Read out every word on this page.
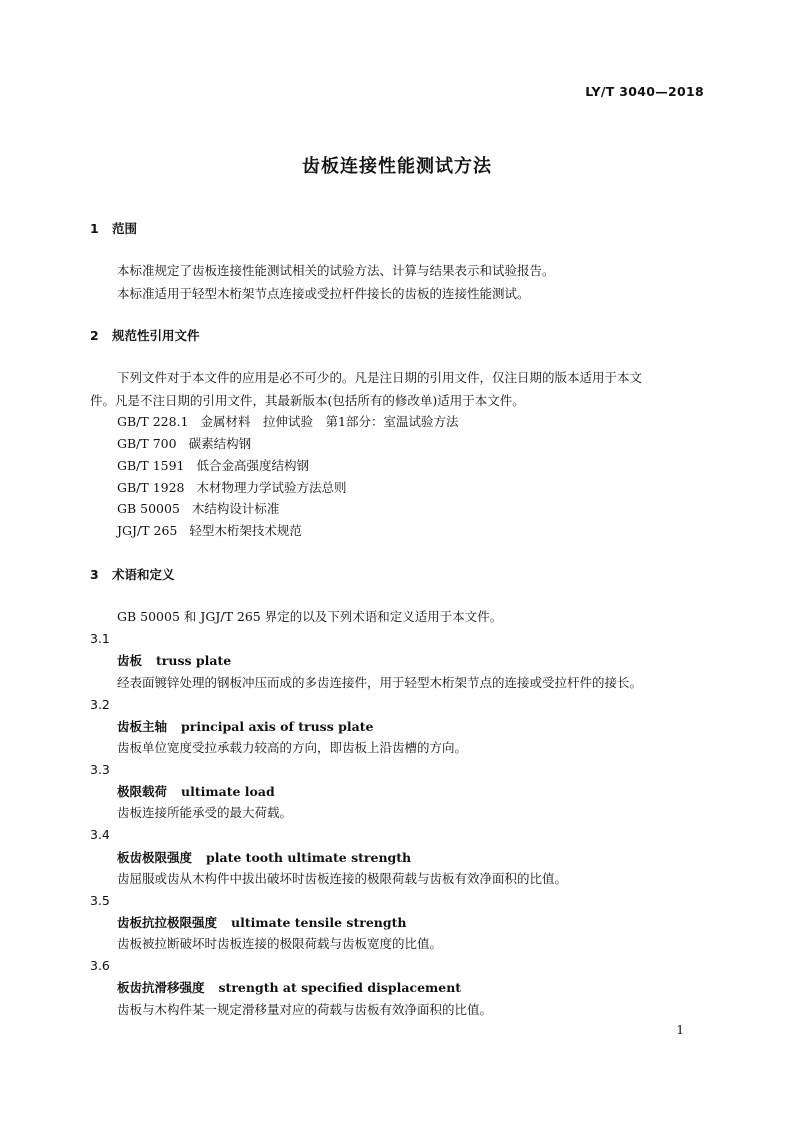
LY/T 3040—2018
齿板连接性能测试方法
1 范围
本标准规定了齿板连接性能测试相关的试验方法、计算与结果表示和试验报告。
本标准适用于轻型木桁架节点连接或受拉杆件接长的齿板的连接性能测试。
2 规范性引用文件
下列文件对于本文件的应用是必不可少的。凡是注日期的引用文件，仅注日期的版本适用于本文
件。凡是不注日期的引用文件，其最新版本(包括所有的修改单)适用于本文件。
GB/T 228.1 金属材料　拉伸试验　第1部分：室温试验方法
GB/T 700 碳素结构钢
GB/T 1591 低合金高强度结构钢
GB/T 1928 木材物理力学试验方法总则
GB 50005 木结构设计标准
JGJ/T 265 轻型木桁架技术规范
3 术语和定义
GB 50005 和 JGJ/T 265 界定的以及下列术语和定义适用于本文件。
3.1
齿板 truss plate
经表面镀锌处理的钢板冲压而成的多齿连接件，用于轻型木桁架节点的连接或受拉杆件的接长。
3.2
齿板主轴 principal axis of truss plate
齿板单位宽度受拉承载力较高的方向，即齿板上沿齿槽的方向。
3.3
极限载荷 ultimate load
齿板连接所能承受的最大荷载。
3.4
板齿极限强度 plate tooth ultimate strength
齿屈服或齿从木构件中拔出破坏时齿板连接的极限荷载与齿板有效净面积的比值。
3.5
齿板抗拉极限强度 ultimate tensile strength
齿板被拉断破坏时齿板连接的极限荷载与齿板宽度的比值。
3.6
板齿抗滑移强度 strength at specified displacement
齿板与木构件某一规定滑移量对应的荷载与齿板有效净面积的比值。
1
